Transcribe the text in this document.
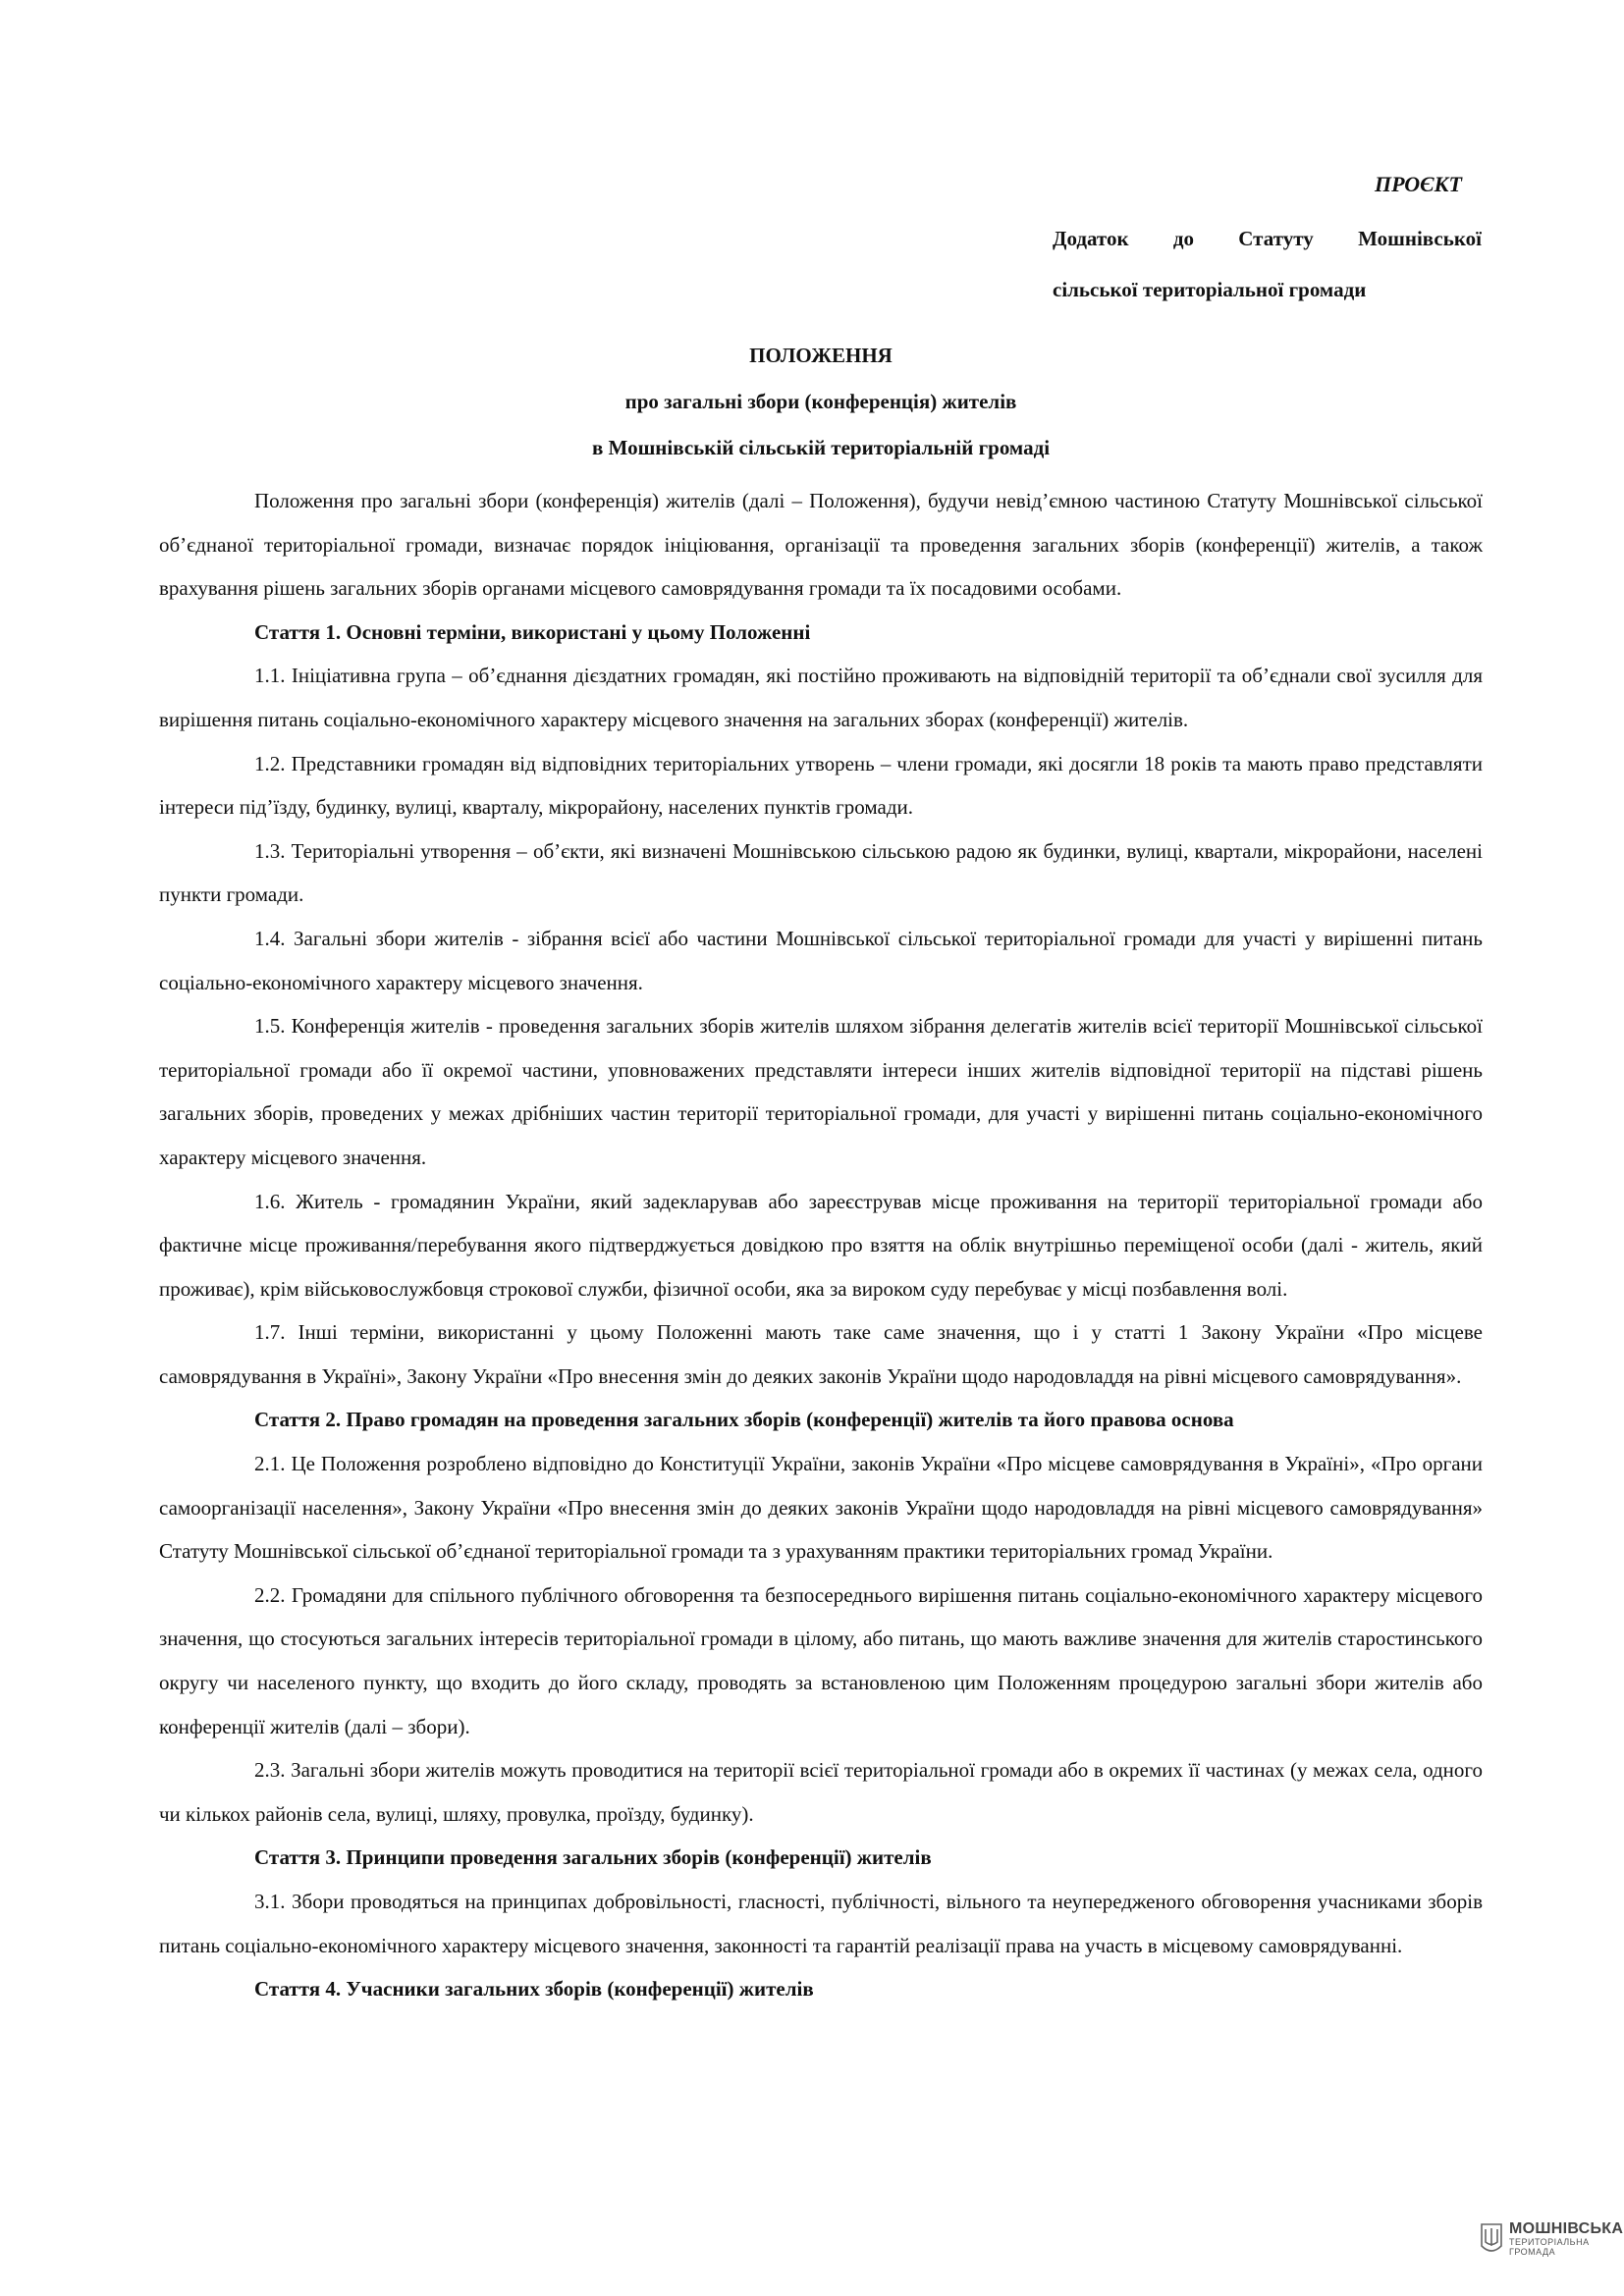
ПРОЄКТ
Додаток до Статуту Мошнівської
сільської територіальної громади
ПОЛОЖЕННЯ
про загальні збори (конференція) жителів
в Мошнівській сільській територіальній громаді

Положення про загальні збори (конференція) жителів (далі – Положення), будучи невід’ємною частиною Статуту Мошнівської сільської об’єднаної територіальної громади, визначає порядок ініціювання, організації та проведення загальних зборів (конференції) жителів, а також врахування рішень загальних зборів органами місцевого самоврядування громади та їх посадовими особами.

Стаття 1. Основні терміни, використані у цьому Положенні

1.1. Ініціативна група – об’єднання дієздатних громадян, які постійно проживають на відповідній території та об’єднали свої зусилля для вирішення питань соціально-економічного характеру місцевого значення на загальних зборах (конференції) жителів.

1.2. Представники громадян від відповідних територіальних утворень – члени громади, які досягли 18 років та мають право представляти інтереси під’їзду, будинку, вулиці, кварталу, мікрорайону, населених пунктів громади.

1.3. Територіальні утворення – об’єкти, які визначені Мошнівською сільською радою як будинки, вулиці, квартали, мікрорайони, населені пункти громади.

1.4. Загальні збори жителів - зібрання всієї або частини Мошнівської сільської територіальної громади для участі у вирішенні питань соціально-економічного характеру місцевого значення.

1.5. Конференція жителів - проведення загальних зборів жителів шляхом зібрання делегатів жителів всієї території Мошнівської сільської територіальної громади або її окремої частини, уповноважених представляти інтереси інших жителів відповідної території на підставі рішень загальних зборів, проведених у межах дрібніших частин території територіальної громади, для участі у вирішенні питань соціально-економічного характеру місцевого значення.

1.6. Житель - громадянин України, який задекларував або зареєстрував місце проживання на території територіальної громади або фактичне місце проживання/перебування якого підтверджується довідкою про взяття на облік внутрішньо переміщеної особи (далі - житель, який проживає), крім військовослужбовця строкової служби, фізичної особи, яка за вироком суду перебуває у місці позбавлення волі.

1.7. Інші терміни, використанні у цьому Положенні мають таке саме значення, що і у статті 1 Закону України «Про місцеве самоврядування в Україні», Закону України «Про внесення змін до деяких законів України щодо народовладдя на рівні місцевого самоврядування».

Стаття 2. Право громадян на проведення загальних зборів (конференції) жителів та його правова основа

2.1. Це Положення розроблено відповідно до Конституції України, законів України «Про місцеве самоврядування в Україні», «Про органи самоорганізації населення», Закону України «Про внесення змін до деяких законів України щодо народовладдя на рівні місцевого самоврядування» Статуту Мошнівської сільської об’єднаної територіальної громади та з урахуванням практики територіальних громад України.

2.2. Громадяни для спільного публічного обговорення та безпосереднього вирішення питань соціально-економічного характеру місцевого значення, що стосуються загальних інтересів територіальної громади в цілому, або питань, що мають важливе значення для жителів старостинського округу чи населеного пункту, що входить до його складу, проводять за встановленою цим Положенням процедурою загальні збори жителів або конференції жителів (далі – збори).

2.3. Загальні збори жителів можуть проводитися на території всієї територіальної громади або в окремих її частинах (у межах села, одного чи кількох районів села, вулиці, шляху, провулка, проїзду, будинку).

Стаття 3. Принципи проведення загальних зборів (конференції) жителів

3.1. Збори проводяться на принципах добровільності, гласності, публічності, вільного та неупередженого обговорення учасниками зборів питань соціально-економічного характеру місцевого значення, законності та гарантій реалізації права на участь в місцевому самоврядуванні.

Стаття 4. Учасники загальних зборів (конференції) жителів

МОШНІВСЬКА
ТЕРИТОРІАЛЬНА
ГРОМАДА
